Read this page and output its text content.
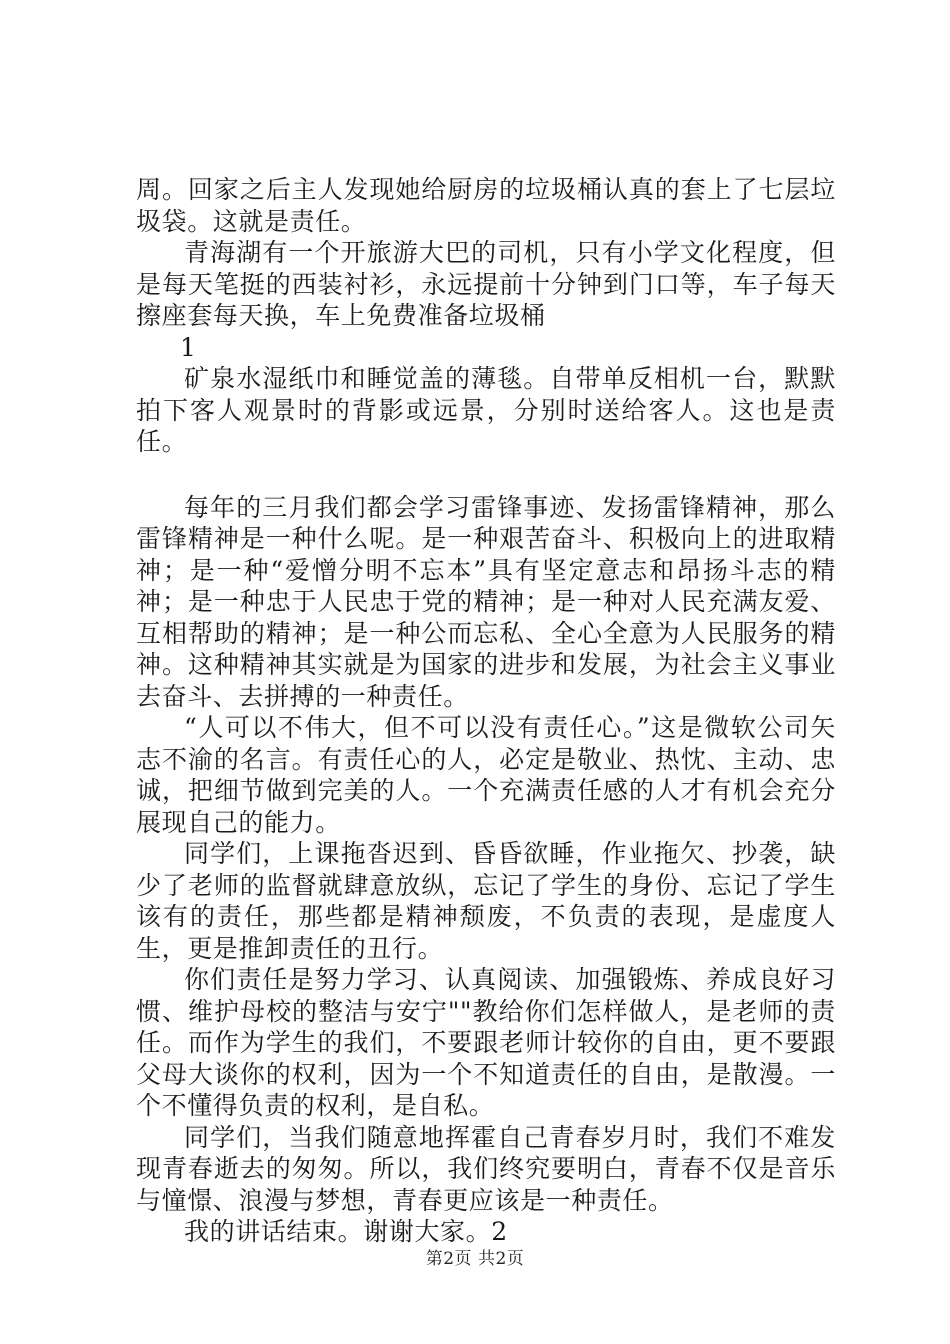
周。回家之后主人发现她给厨房的垃圾桶认真的套上了七层垃圾袋。这就是责任。

青海湖有一个开旅游大巴的司机，只有小学文化程度，但是每天笔挺的西装衬衫，永远提前十分钟到门口等，车子每天擦座套每天换，车上免费准备垃圾桶

1

矿泉水湿纸巾和睡觉盖的薄毯。自带单反相机一台，默默拍下客人观景时的背影或远景，分别时送给客人。这也是责任。

每年的三月我们都会学习雷锋事迹、发扬雷锋精神，那么雷锋精神是一种什么呢。是一种艰苦奋斗、积极向上的进取精神；是一种“爱憎分明不忘本”具有坚定意志和昂扬斗志的精神；是一种忠于人民忠于党的精神；是一种对人民充满友爱、互相帮助的精神；是一种公而忘私、全心全意为人民服务的精神。这种精神其实就是为国家的进步和发展，为社会主义事业去奋斗、去拼搏的一种责任。

“人可以不伟大，但不可以没有责任心。”这是微软公司矢志不渝的名言。有责任心的人，必定是敬业、热忱、主动、忠诚，把细节做到完美的人。一个充满责任感的人才有机会充分展现自己的能力。

同学们，上课拖沓迟到、昏昏欲睡，作业拖欠、抄袭，缺少了老师的监督就肆意放纵，忘记了学生的身份、忘记了学生该有的责任，那些都是精神颓废，不负责的表现，是虚度人生，更是推卸责任的丑行。

你们责任是努力学习、认真阅读、加强锻炼、养成良好习惯、维护母校的整洁与安宁""教给你们怎样做人，是老师的责任。而作为学生的我们，不要跟老师计较你的自由，更不要跟父母大谈你的权利，因为一个不知道责任的自由，是散漫。一个不懂得负责的权利，是自私。

同学们，当我们随意地挥霍自己青春岁月时，我们不难发现青春逝去的匆匆。所以，我们终究要明白，青春不仅是音乐与憧憬、浪漫与梦想，青春更应该是一种责任。

我的讲话结束。谢谢大家。2

第2页 共2页
